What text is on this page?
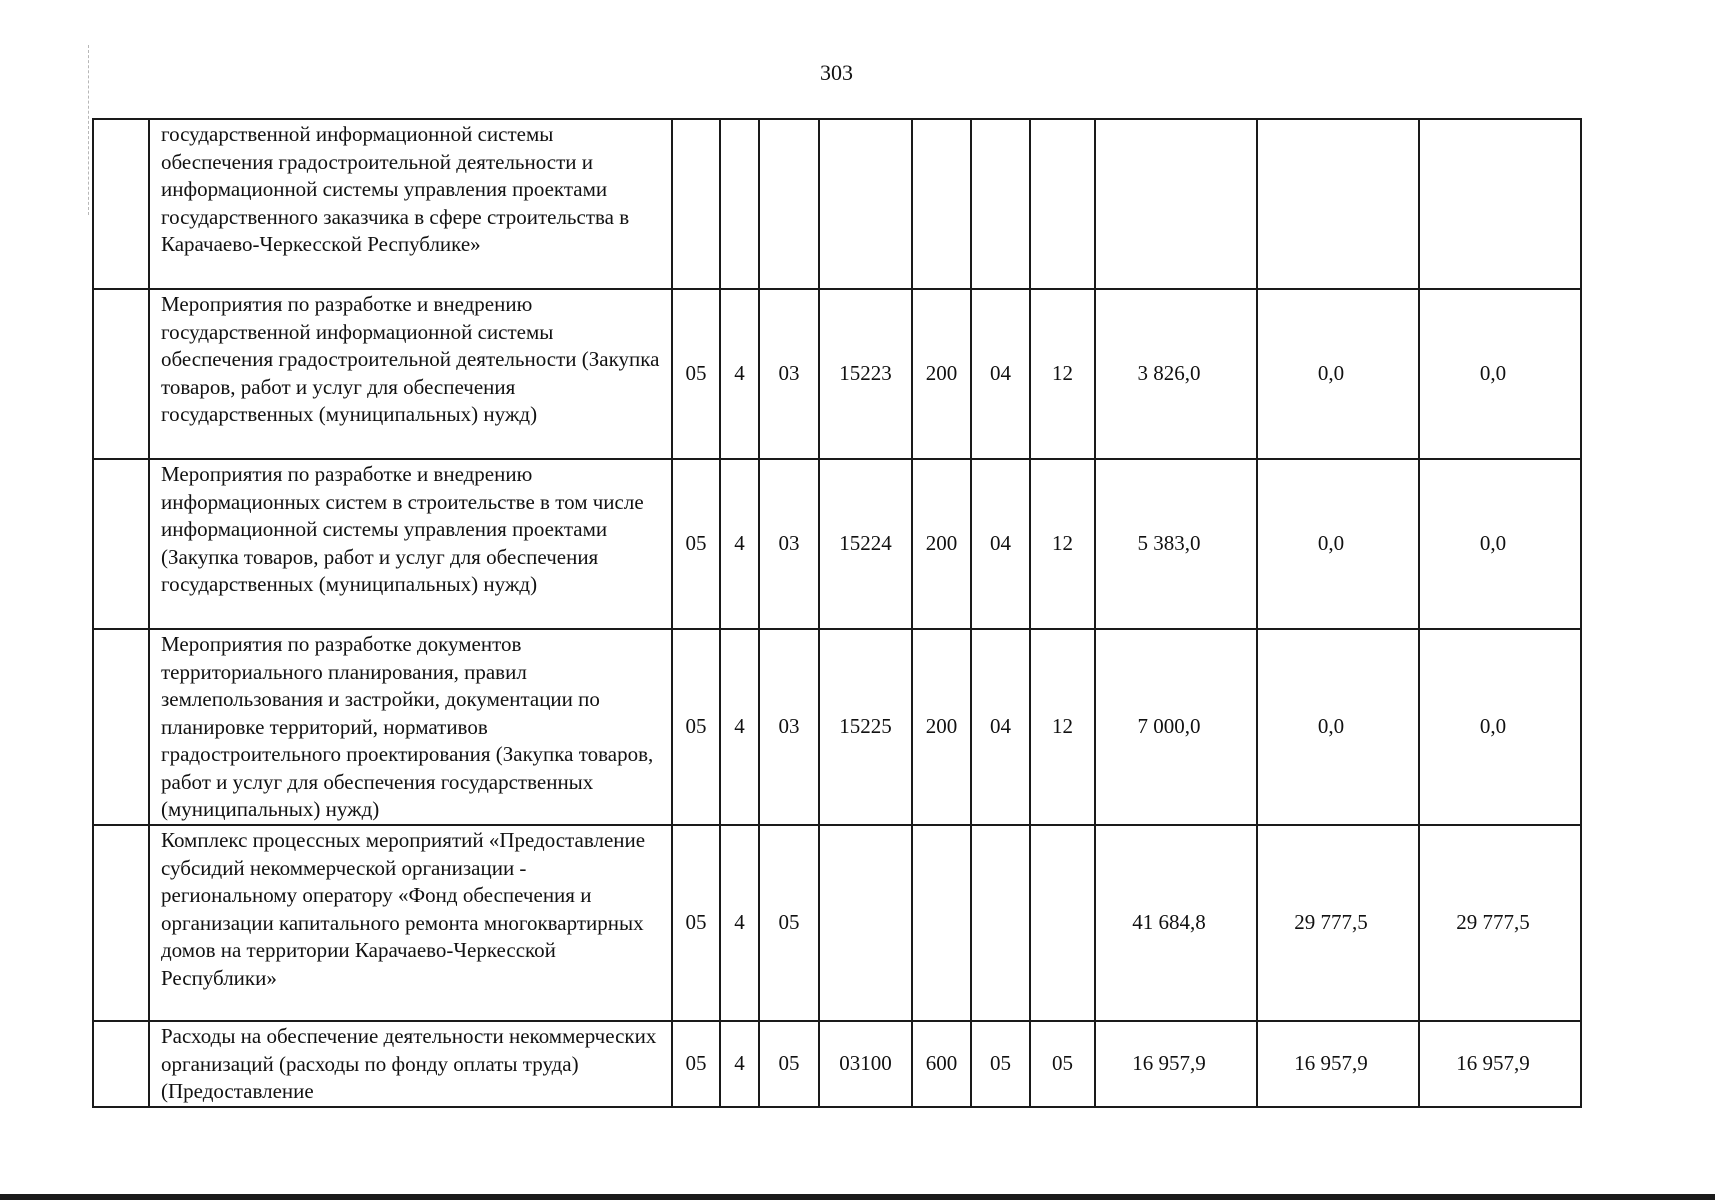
303
	государственной информационной системы обеспечения градостроительной деятельности и информационной системы управления проектами государственного заказчика в сфере строительства в Карачаево-Черкесской Республике»										
	Мероприятия по разработке и внедрению государственной информационной системы обеспечения градостроительной деятельности (Закупка товаров, работ и услуг для обеспечения государственных (муниципальных) нужд)	05	4	03	15223	200	04	12	3 826,0	0,0	0,0
	Мероприятия по разработке и внедрению информационных систем в строительстве в том числе информационной системы управления проектами (Закупка товаров, работ и услуг для обеспечения государственных (муниципальных) нужд)	05	4	03	15224	200	04	12	5 383,0	0,0	0,0
	Мероприятия по разработке документов территориального планирования, правил землепользования и застройки, документации по планировке территорий, нормативов градостроительного проектирования (Закупка товаров, работ и услуг для обеспечения государственных (муниципальных) нужд)	05	4	03	15225	200	04	12	7 000,0	0,0	0,0
	Комплекс процессных мероприятий «Предоставление субсидий некоммерческой организации - региональному оператору «Фонд обеспечения и организации капитального ремонта многоквартирных домов на территории Карачаево-Черкесской Республики»	05	4	05					41 684,8	29 777,5	29 777,5
	Расходы на обеспечение деятельности некоммерческих организаций (расходы по фонду оплаты труда) (Предоставление	05	4	05	03100	600	05	05	16 957,9	16 957,9	16 957,9
